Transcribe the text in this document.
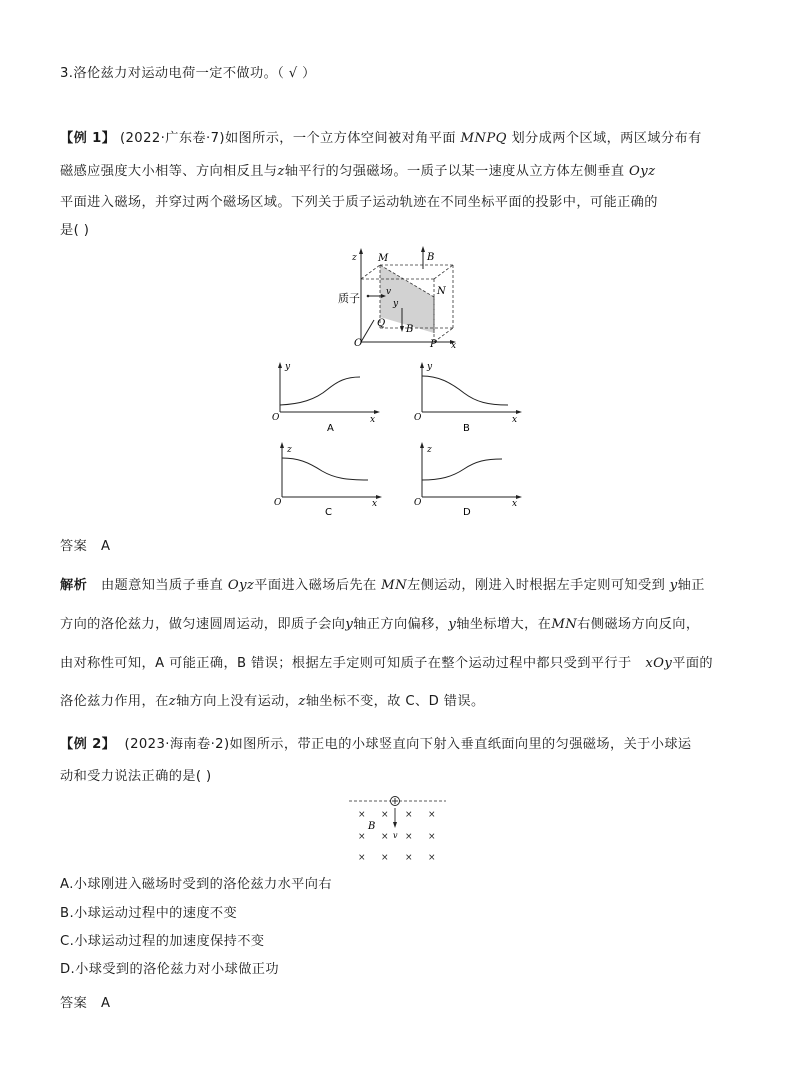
3.洛伦兹力对运动电荷一定不做功。（ √ ）
【例 1】 (2022·广东卷·7)如图所示，一个立方体空间被对角平面 MNPQ 划分成两个区域，两区域分布有
磁感应强度大小相等、方向相反且与z轴平行的匀强磁场。一质子以某一速度从立方体左侧垂直 Oyz
平面进入磁场，并穿过两个磁场区域。下列关于质子运动轨迹在不同坐标平面的投影中，可能正确的
是( )
z M
N
P
Q
O	x
y
B
B
v
质子
y
O	x
A
y
O	x
B
z
O	x
C
z
O	x
D
答案 A
解析 由题意知当质子垂直 Oyz平面进入磁场后先在 MN左侧运动，刚进入时根据左手定则可知受到 y轴正
方向的洛伦兹力，做匀速圆周运动，即质子会向y轴正方向偏移，y轴坐标增大，在MN右侧磁场方向反向，
由对称性可知，A 可能正确，B 错误；根据左手定则可知质子在整个运动过程中都只受到平行于 xOy平面的
洛伦兹力作用，在z轴方向上没有运动，z轴坐标不变，故 C、D 错误。
【例 2】 (2023·海南卷·2)如图所示，带正电的小球竖直向下射入垂直纸面向里的匀强磁场，关于小球运
动和受力说法正确的是( )
× × × ×
× × × ×
× × × ×
B
v
A.小球刚进入磁场时受到的洛伦兹力水平向右
B.小球运动过程中的速度不变
C.小球运动过程的加速度保持不变
D.小球受到的洛伦兹力对小球做正功
答案 A
